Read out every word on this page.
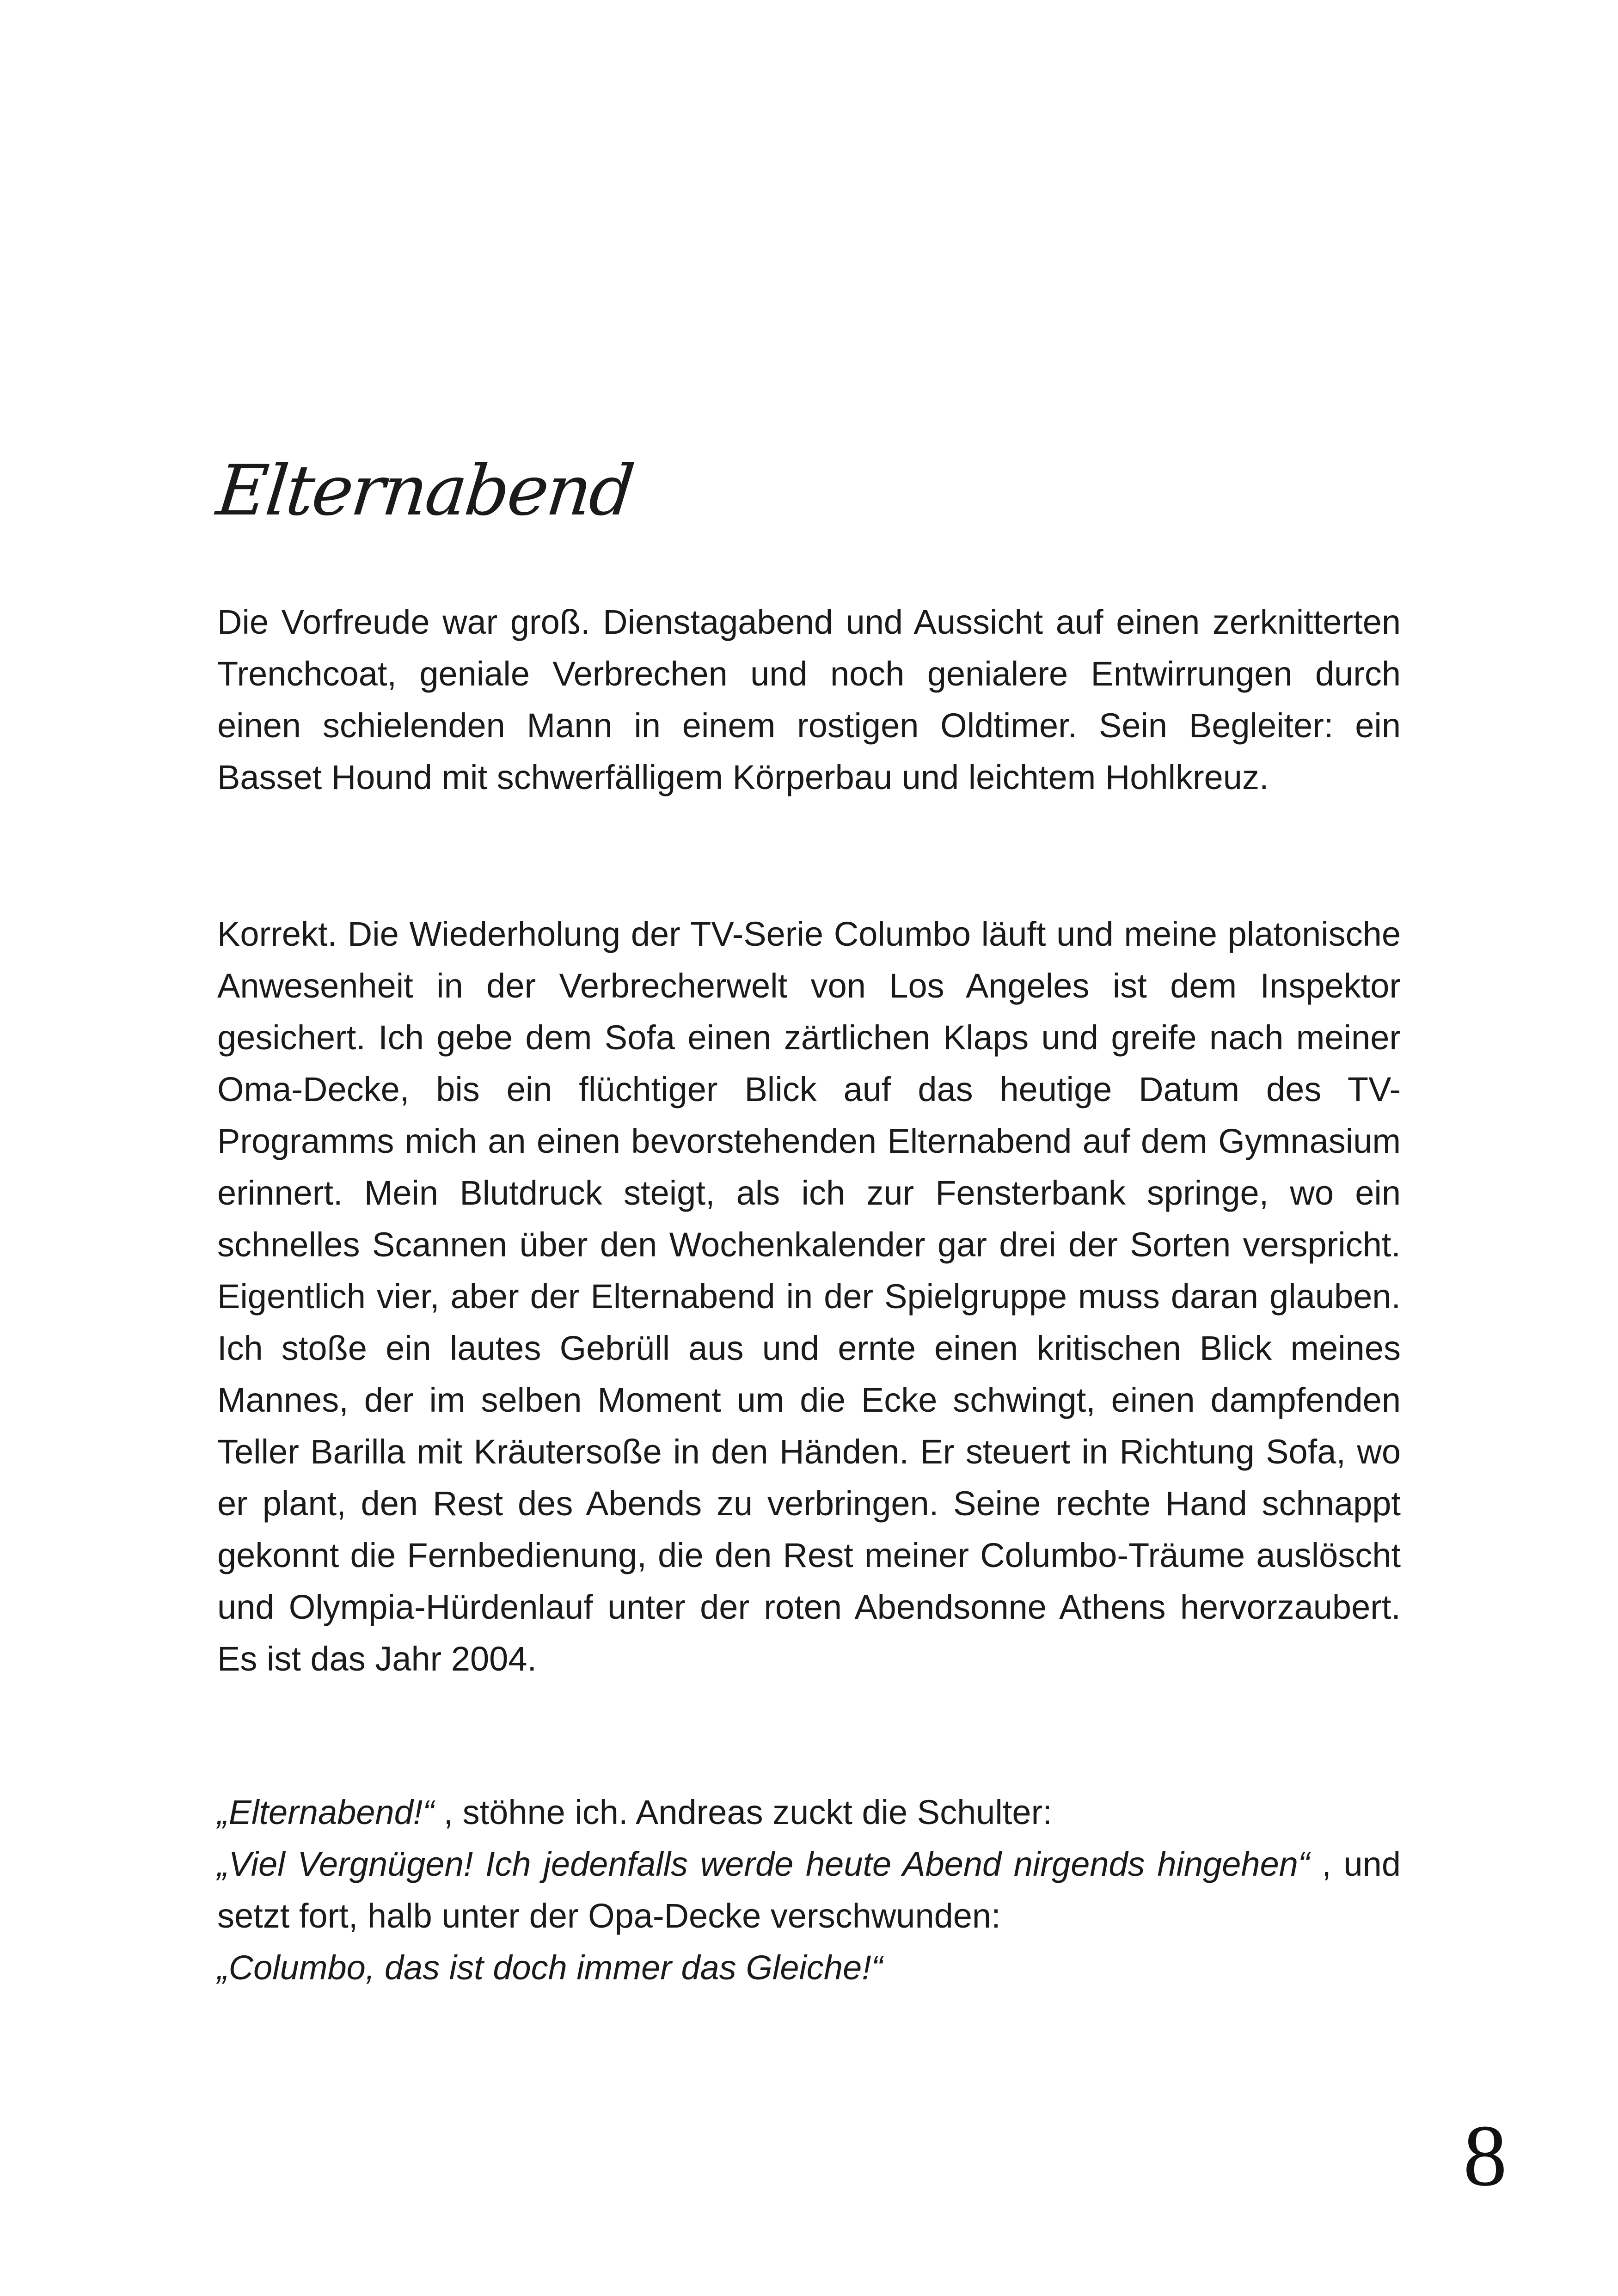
Elternabend

Die Vorfreude war groß. Dienstagabend und Aussicht auf einen zerknitterten Trenchcoat, geniale Verbrechen und noch genialere Entwirrungen durch einen schielenden Mann in einem rostigen Oldtimer. Sein Begleiter: ein Basset Hound mit schwerfälligem Körperbau und leichtem Hohlkreuz.

Korrekt. Die Wiederholung der TV-Serie Columbo läuft und meine platonische Anwesenheit in der Verbrecherwelt von Los Angeles ist dem Inspektor gesichert. Ich gebe dem Sofa einen zärtlichen Klaps und greife nach meiner Oma-Decke, bis ein flüchtiger Blick auf das heutige Datum des TV-Programms mich an einen bevorstehenden Elternabend auf dem Gymnasium erinnert. Mein Blutdruck steigt, als ich zur Fensterbank springe, wo ein schnelles Scannen über den Wochenkalender gar drei der Sorten verspricht. Eigentlich vier, aber der Elternabend in der Spielgruppe muss daran glauben. Ich stoße ein lautes Gebrüll aus und ernte einen kritischen Blick meines Mannes, der im selben Moment um die Ecke schwingt, einen dampfenden Teller Barilla mit Kräutersoße in den Händen. Er steuert in Richtung Sofa, wo er plant, den Rest des Abends zu verbringen. Seine rechte Hand schnappt gekonnt die Fernbedienung, die den Rest meiner Columbo-Träume auslöscht und Olympia-Hürdenlauf unter der roten Abendsonne Athens hervorzaubert. Es ist das Jahr 2004.

„Elternabend!“ , stöhne ich. Andreas zuckt die Schulter:
„Viel Vergnügen! Ich jedenfalls werde heute Abend nirgends hingehen“ , und setzt fort, halb unter der Opa-Decke verschwunden:
„Columbo, das ist doch immer das Gleiche!“
8
